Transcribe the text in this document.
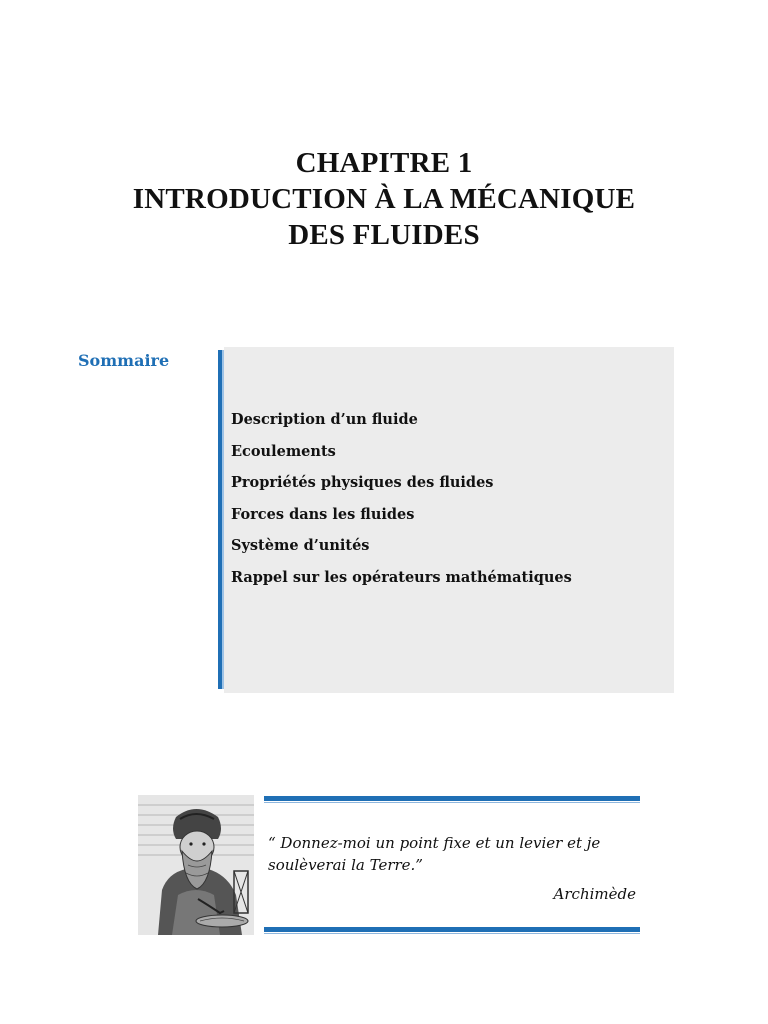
CHAPITRE 1
INTRODUCTION À LA MÉCANIQUE
DES FLUIDES
Sommaire
Description d’un fluide
Ecoulements
Propriétés physiques des fluides
Forces dans les fluides
Système d’unités
Rappel sur les opérateurs mathématiques
“ Donnez-moi un point fixe et un levier et je soulèverai la Terre.”
Archimède
